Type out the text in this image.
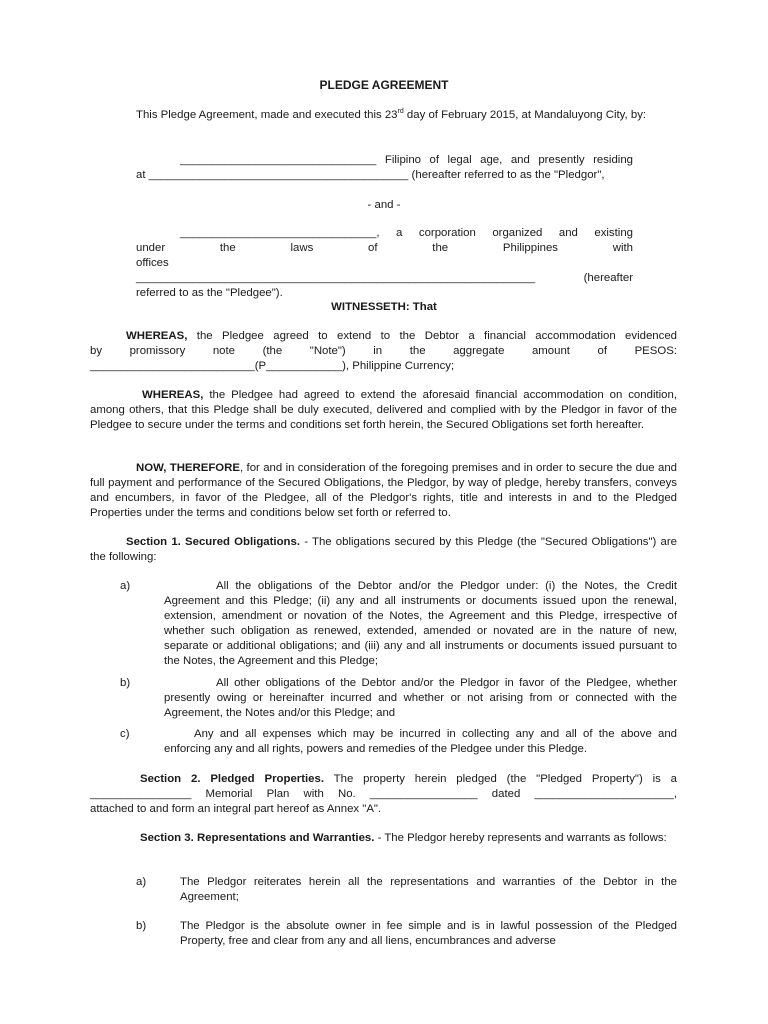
PLEDGE AGREEMENT
This Pledge Agreement, made and executed this 23rd day of February 2015, at Mandaluyong City, by:
_______________________________ Filipino of legal age, and presently residing
at _________________________________________ (hereafter referred to as the "Pledgor",
- and -
_______________________________, a corporation organized and existing
under the laws of the Philippines with offices
_______________________________________________________________ (hereafter
referred to as the "Pledgee").
WITNESSETH: That
WHEREAS, the Pledgee agreed to extend to the Debtor a financial accommodation evidenced
by promissory note (the "Note") in the aggregate amount of PESOS:
__________________________(P____________), Philippine Currency;
WHEREAS, the Pledgee had agreed to extend the aforesaid financial accommodation on condition, among others, that this Pledge shall be duly executed, delivered and complied with by the Pledgor in favor of the Pledgee to secure under the terms and conditions set forth herein, the Secured Obligations set forth hereafter.
NOW, THEREFORE, for and in consideration of the foregoing premises and in order to secure the due and full payment and performance of the Secured Obligations, the Pledgor, by way of pledge, hereby transfers, conveys and encumbers, in favor of the Pledgee, all of the Pledgor's rights, title and interests in and to the Pledged Properties under the terms and conditions below set forth or referred to.
Section 1. Secured Obligations. - The obligations secured by this Pledge (the "Secured Obligations") are the following:
a)	All the obligations of the Debtor and/or the Pledgor under: (i) the Notes, the Credit Agreement and this Pledge; (ii) any and all instruments or documents issued upon the renewal, extension, amendment or novation of the Notes, the Agreement and this Pledge, irrespective of whether such obligation as renewed, extended, amended or novated are in the nature of new, separate or additional obligations; and (iii) any and all instruments or documents issued pursuant to the Notes, the Agreement and this Pledge;
b)	All other obligations of the Debtor and/or the Pledgor in favor of the Pledgee, whether presently owing or hereinafter incurred and whether or not arising from or connected with the Agreement, the Notes and/or this Pledge; and
c)	Any and all expenses which may be incurred in collecting any and all of the above and enforcing any and all rights, powers and remedies of the Pledgee under this Pledge.
Section 2. Pledged Properties. The property herein pledged (the "Pledged Property") is a
________________ Memorial Plan with No. _________________ dated ______________________,
attached to and form an integral part hereof as Annex "A".
Section 3. Representations and Warranties. - The Pledgor hereby represents and warrants as follows:
a)	The Pledgor reiterates herein all the representations and warranties of the Debtor in the Agreement;
b)	The Pledgor is the absolute owner in fee simple and is in lawful possession of the Pledged Property, free and clear from any and all liens, encumbrances and adverse
